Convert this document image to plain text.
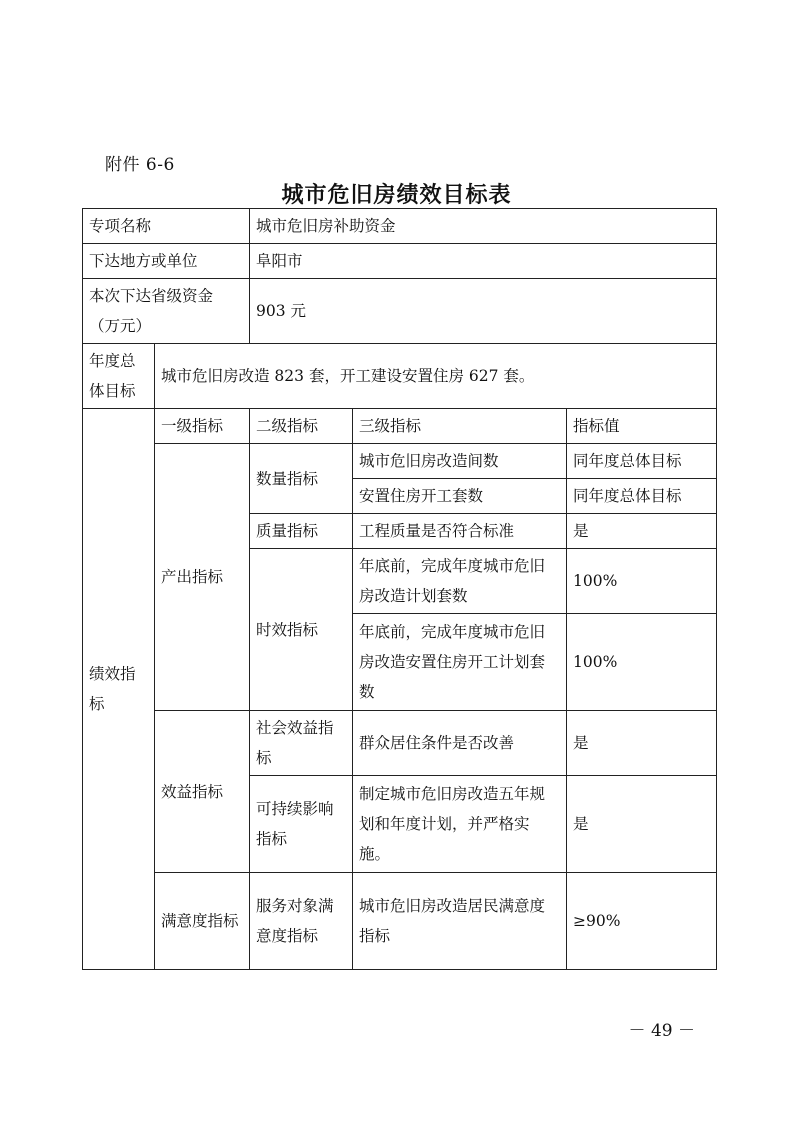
附件 6-6
城市危旧房绩效目标表
专项名称		城市危旧房补助资金		
下达地方或单位		阜阳市		
本次下达省级资金（万元）		903 元		
年度总体目标	城市危旧房改造 823 套，开工建设安置住房 627 套。			
绩效指标	一级指标	二级指标	三级指标	指标值
	产出指标	数量指标	城市危旧房改造间数	同年度总体目标
			安置住房开工套数	同年度总体目标
		质量指标	工程质量是否符合标准	是
		时效指标	年底前，完成年度城市危旧房改造计划套数	100%
			年底前，完成年度城市危旧房改造安置住房开工计划套数	100%
	效益指标	社会效益指标	群众居住条件是否改善	是
		可持续影响指标	制定城市危旧房改造五年规划和年度计划，并严格实施。	是
	满意度指标	服务对象满意度指标	城市危旧房改造居民满意度指标	≥90%
－ 49 －
